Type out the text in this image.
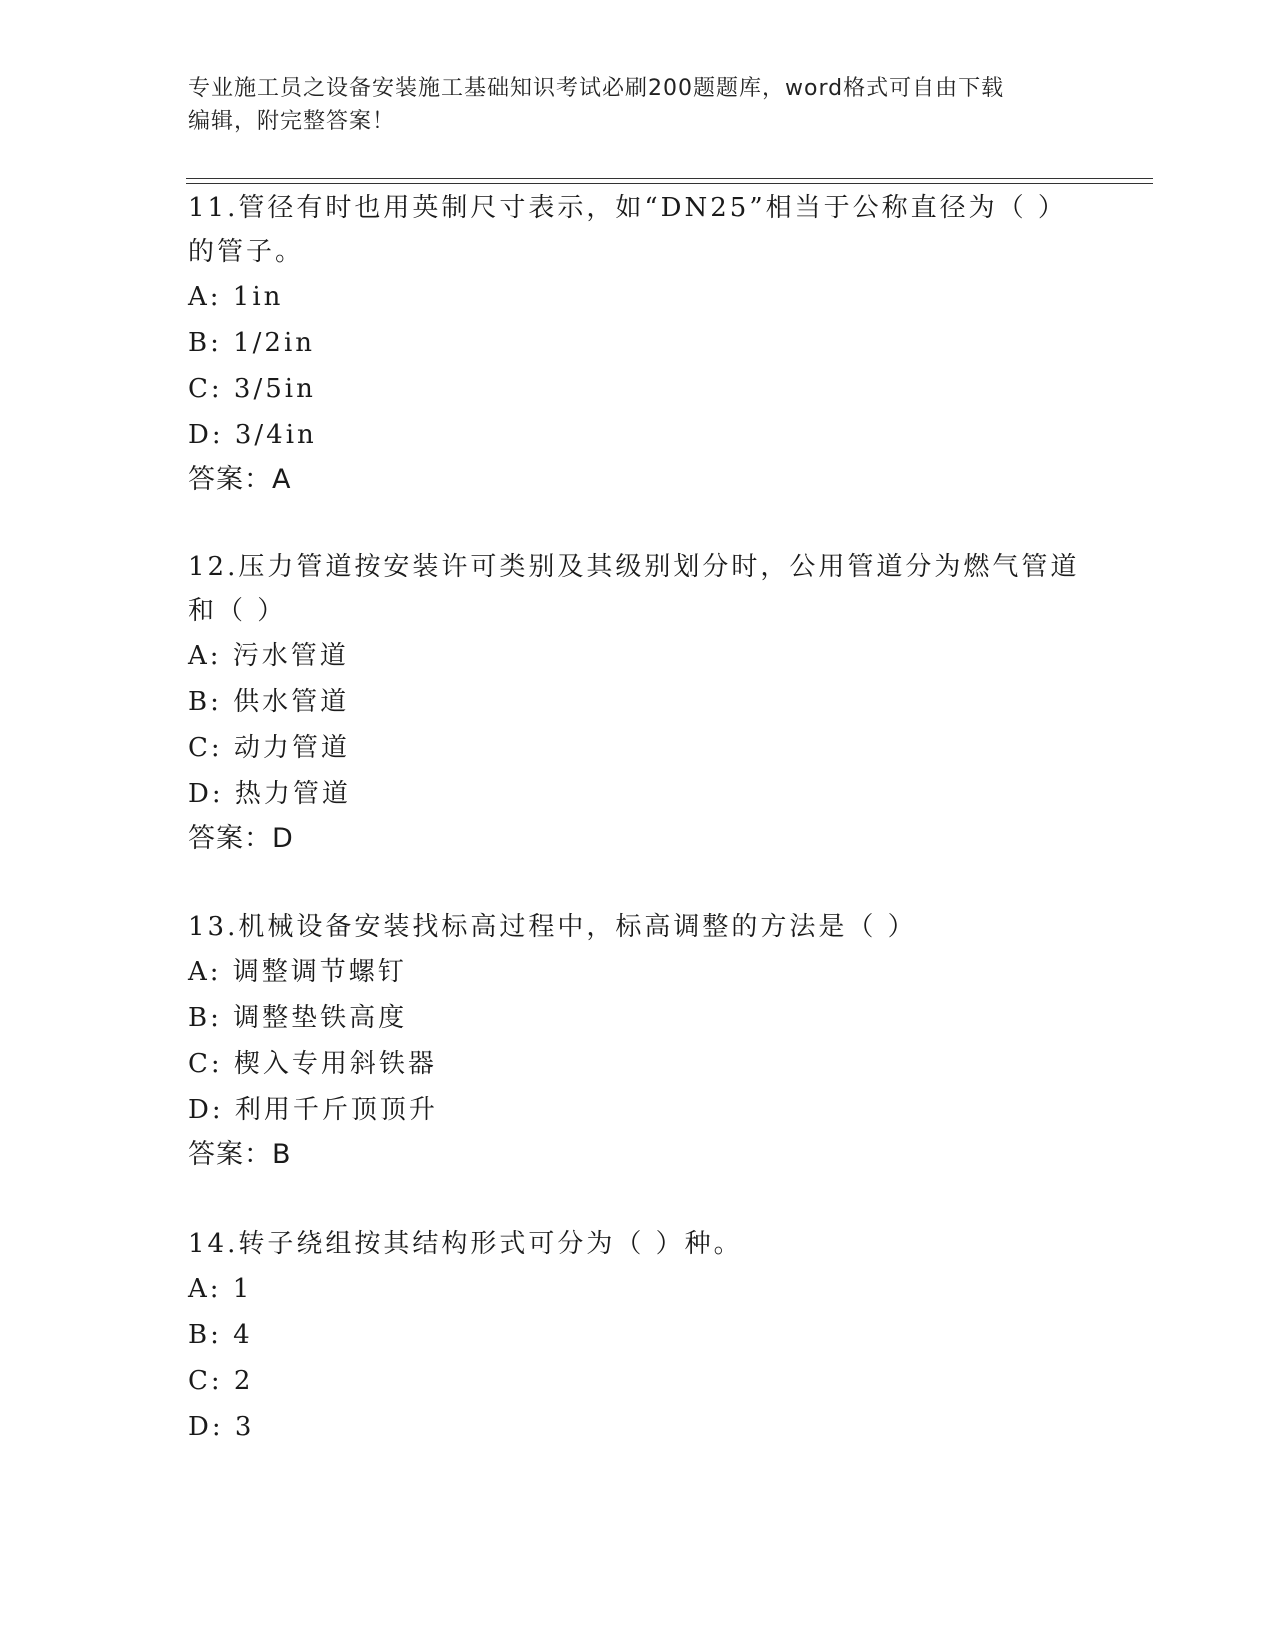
专业施工员之设备安装施工基础知识考试必刷200题题库，word格式可自由下载
编辑，附完整答案！

11.管径有时也用英制尺寸表示，如“DN25”相当于公称直径为（ ）

的管子。

A: 1in

B: 1/2in

C: 3/5in

D: 3/4in

答案：A

12.压力管道按安装许可类别及其级别划分时，公用管道分为燃气管道

和（ ）

A: 污水管道

B: 供水管道

C: 动力管道

D: 热力管道

答案：D

13.机械设备安装找标高过程中，标高调整的方法是（ ）

A: 调整调节螺钉

B: 调整垫铁高度

C: 楔入专用斜铁器

D: 利用千斤顶顶升

答案：B

14.转子绕组按其结构形式可分为（ ）种。

A: 1

B: 4

C: 2

D: 3
